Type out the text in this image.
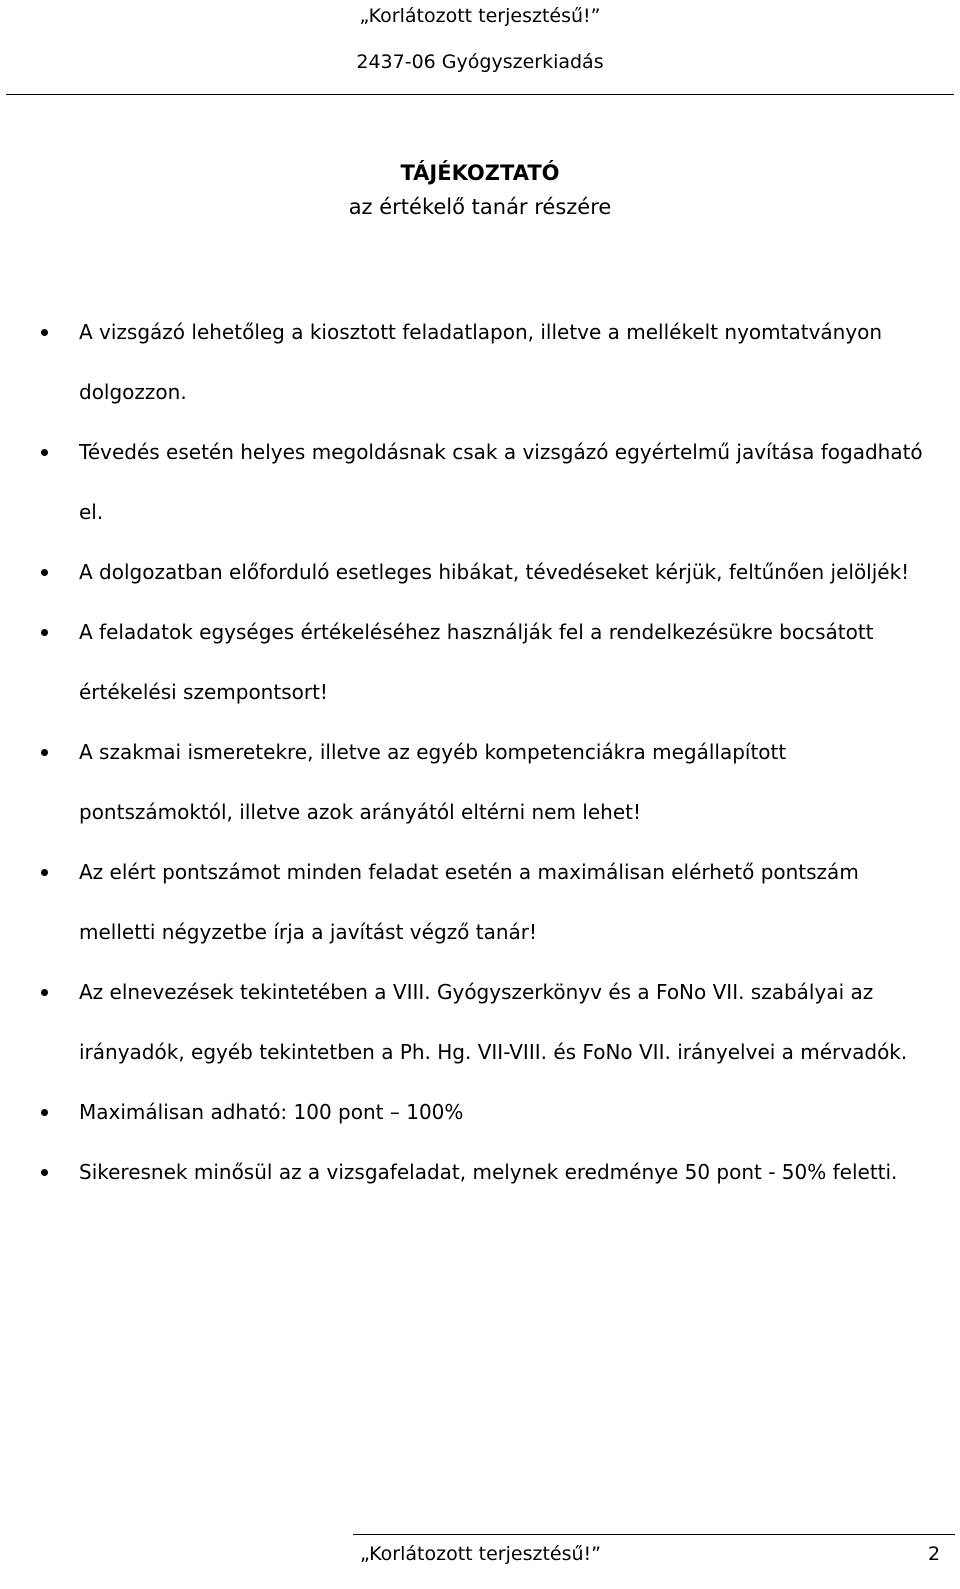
„Korlátozott terjesztésű!”
2437-06 Gyógyszerkiadás
TÁJÉKOZTATÓ
az értékelő tanár részére
A vizsgázó lehetőleg a kiosztott feladatlapon, illetve a mellékelt nyomtatványon dolgozzon.
Tévedés esetén helyes megoldásnak csak a vizsgázó egyértelmű javítása fogadható el.
A dolgozatban előforduló esetleges hibákat, tévedéseket kérjük, feltűnően jelöljék!
A feladatok egységes értékeléséhez használják fel a rendelkezésükre bocsátott értékelési szempontsort!
A szakmai ismeretekre, illetve az egyéb kompetenciákra megállapított pontszámoktól, illetve azok arányától eltérni nem lehet!
Az elért pontszámot minden feladat esetén a maximálisan elérhető pontszám melletti négyzetbe írja a javítást végző tanár!
Az elnevezések tekintetében a VIII. Gyógyszerkönyv és a FoNo VII. szabályai az irányadók, egyéb tekintetben a Ph. Hg. VII-VIII. és FoNo VII. irányelvei a mérvadók.
Maximálisan adható: 100 pont – 100%
Sikeresnek minősül az a vizsgafeladat, melynek eredménye 50 pont - 50% feletti.
„Korlátozott terjesztésű!”	2
